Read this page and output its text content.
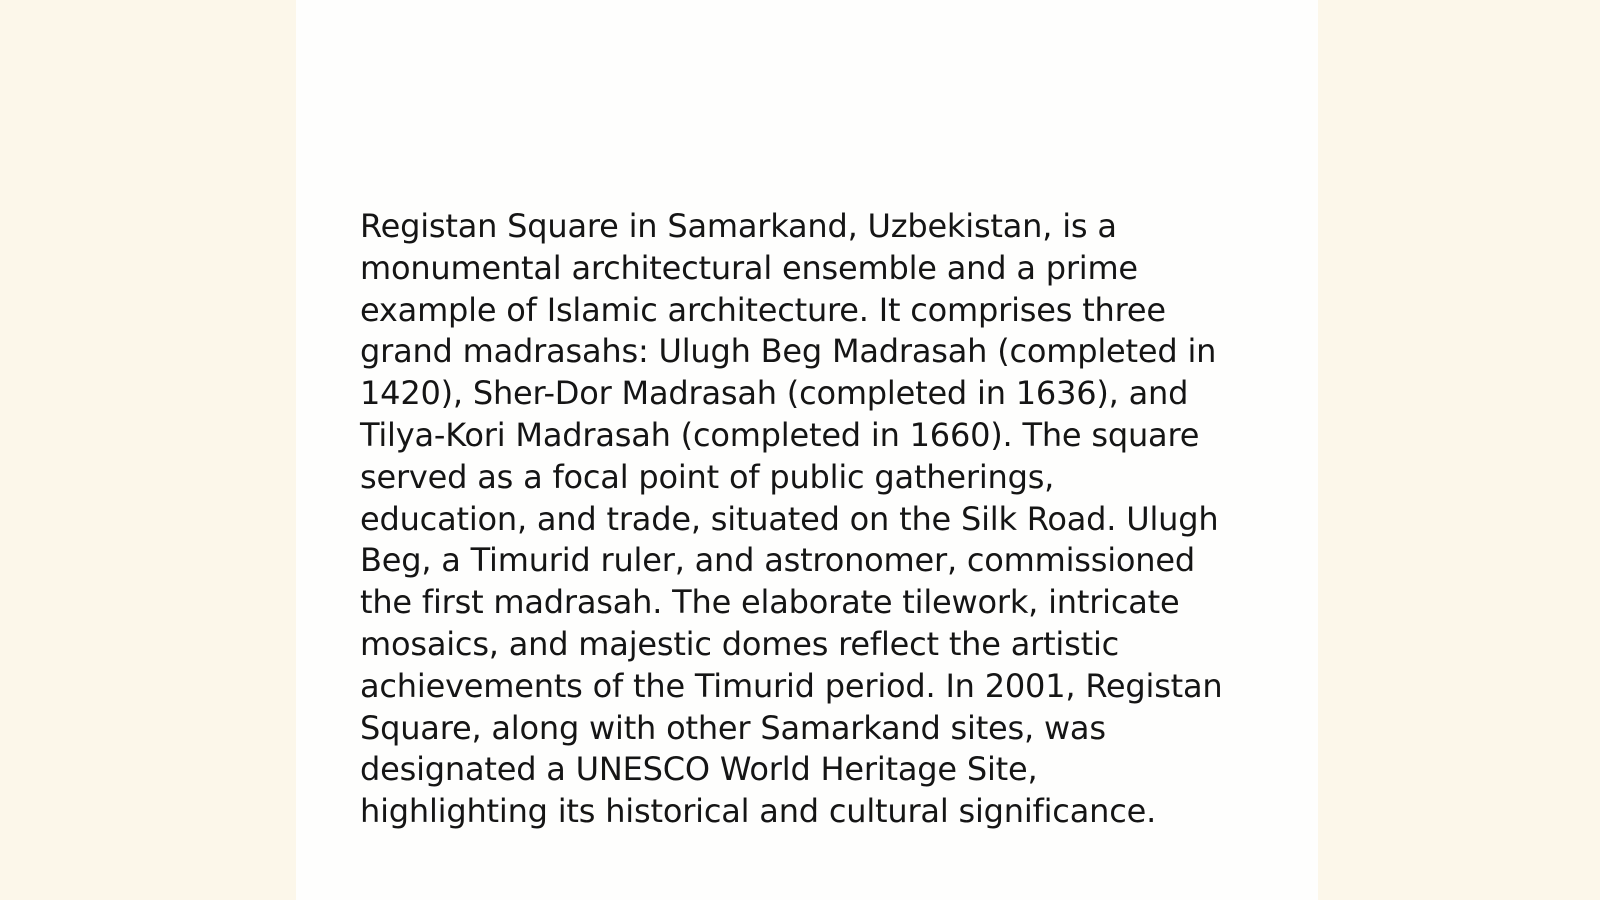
Registan Square in Samarkand, Uzbekistan, is a
monumental architectural ensemble and a prime
example of Islamic architecture. It comprises three
grand madrasahs: Ulugh Beg Madrasah (completed in
1420), Sher-Dor Madrasah (completed in 1636), and
Tilya-Kori Madrasah (completed in 1660). The square
served as a focal point of public gatherings,
education, and trade, situated on the Silk Road. Ulugh
Beg, a Timurid ruler, and astronomer, commissioned
the first madrasah. The elaborate tilework, intricate
mosaics, and majestic domes reflect the artistic
achievements of the Timurid period. In 2001, Registan
Square, along with other Samarkand sites, was
designated a UNESCO World Heritage Site,
highlighting its historical and cultural significance.
